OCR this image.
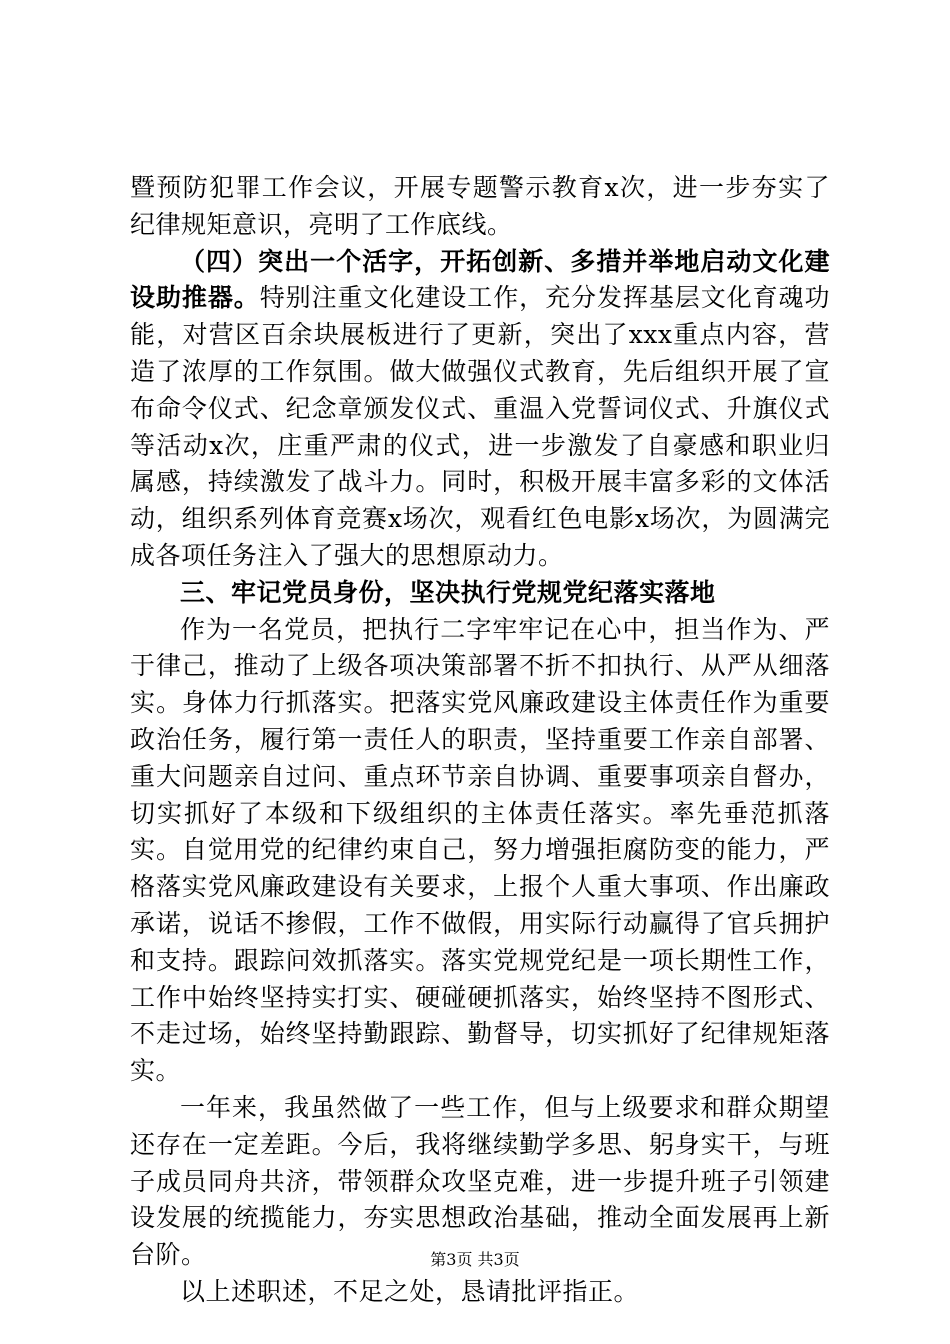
暨预防犯罪工作会议，开展专题警示教育x次，进一步夯实了纪律规矩意识，亮明了工作底线。

（四）突出一个活字，开拓创新、多措并举地启动文化建设助推器。特别注重文化建设工作，充分发挥基层文化育魂功能，对营区百余块展板进行了更新，突出了xxx重点内容，营造了浓厚的工作氛围。做大做强仪式教育，先后组织开展了宣布命令仪式、纪念章颁发仪式、重温入党誓词仪式、升旗仪式等活动x次，庄重严肃的仪式，进一步激发了自豪感和职业归属感，持续激发了战斗力。同时，积极开展丰富多彩的文体活动，组织系列体育竞赛x场次，观看红色电影x场次，为圆满完成各项任务注入了强大的思想原动力。

三、牢记党员身份，坚决执行党规党纪落实落地

作为一名党员，把执行二字牢牢记在心中，担当作为、严于律己，推动了上级各项决策部署不折不扣执行、从严从细落实。身体力行抓落实。把落实党风廉政建设主体责任作为重要政治任务，履行第一责任人的职责，坚持重要工作亲自部署、重大问题亲自过问、重点环节亲自协调、重要事项亲自督办，切实抓好了本级和下级组织的主体责任落实。率先垂范抓落实。自觉用党的纪律约束自己，努力增强拒腐防变的能力，严格落实党风廉政建设有关要求，上报个人重大事项、作出廉政承诺，说话不掺假，工作不做假，用实际行动赢得了官兵拥护和支持。跟踪问效抓落实。落实党规党纪是一项长期性工作，工作中始终坚持实打实、硬碰硬抓落实，始终坚持不图形式、不走过场，始终坚持勤跟踪、勤督导，切实抓好了纪律规矩落实。

一年来，我虽然做了一些工作，但与上级要求和群众期望还存在一定差距。今后，我将继续勤学多思、躬身实干，与班子成员同舟共济，带领群众攻坚克难，进一步提升班子引领建设发展的统揽能力，夯实思想政治基础，推动全面发展再上新台阶。

以上述职述，不足之处，恳请批评指正。

第3页 共3页
